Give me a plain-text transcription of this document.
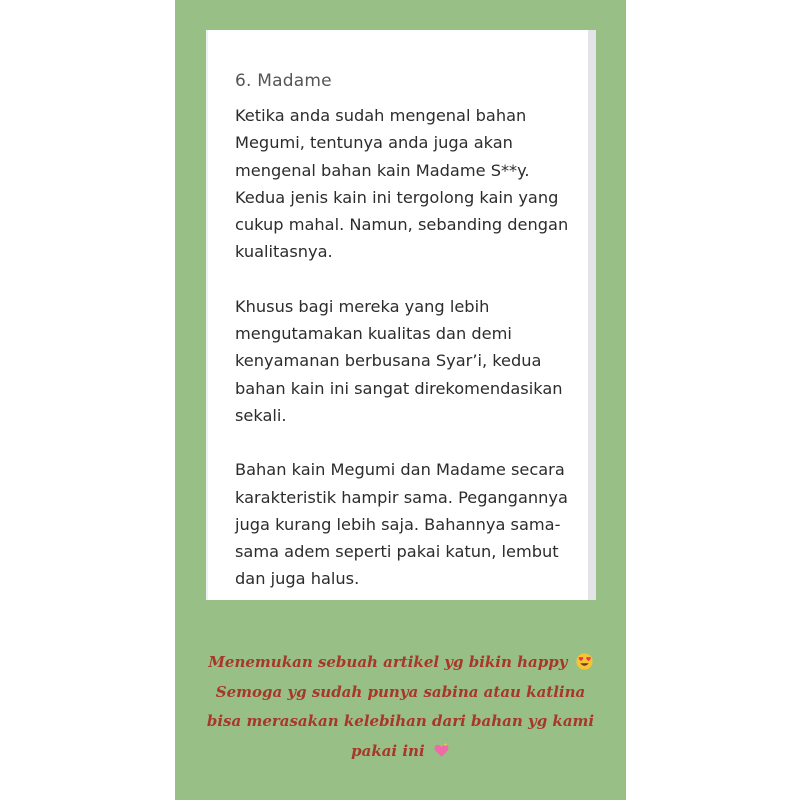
6. Madame
Ketika anda sudah mengenal bahan
Megumi, tentunya anda juga akan
mengenal bahan kain Madame S**y.
Kedua jenis kain ini tergolong kain yang
cukup mahal. Namun, sebanding dengan
kualitasnya.
Khusus bagi mereka yang lebih
mengutamakan kualitas dan demi
kenyamanan berbusana Syar’i, kedua
bahan kain ini sangat direkomendasikan
sekali.
Bahan kain Megumi dan Madame secara
karakteristik hampir sama. Pegangannya
juga kurang lebih saja. Bahannya sama-
sama adem seperti pakai katun, lembut
dan juga halus.
Menemukan sebuah artikel yg bikin happy
Semoga yg sudah punya sabina atau katlina
bisa merasakan kelebihan dari bahan yg kami
pakai ini
